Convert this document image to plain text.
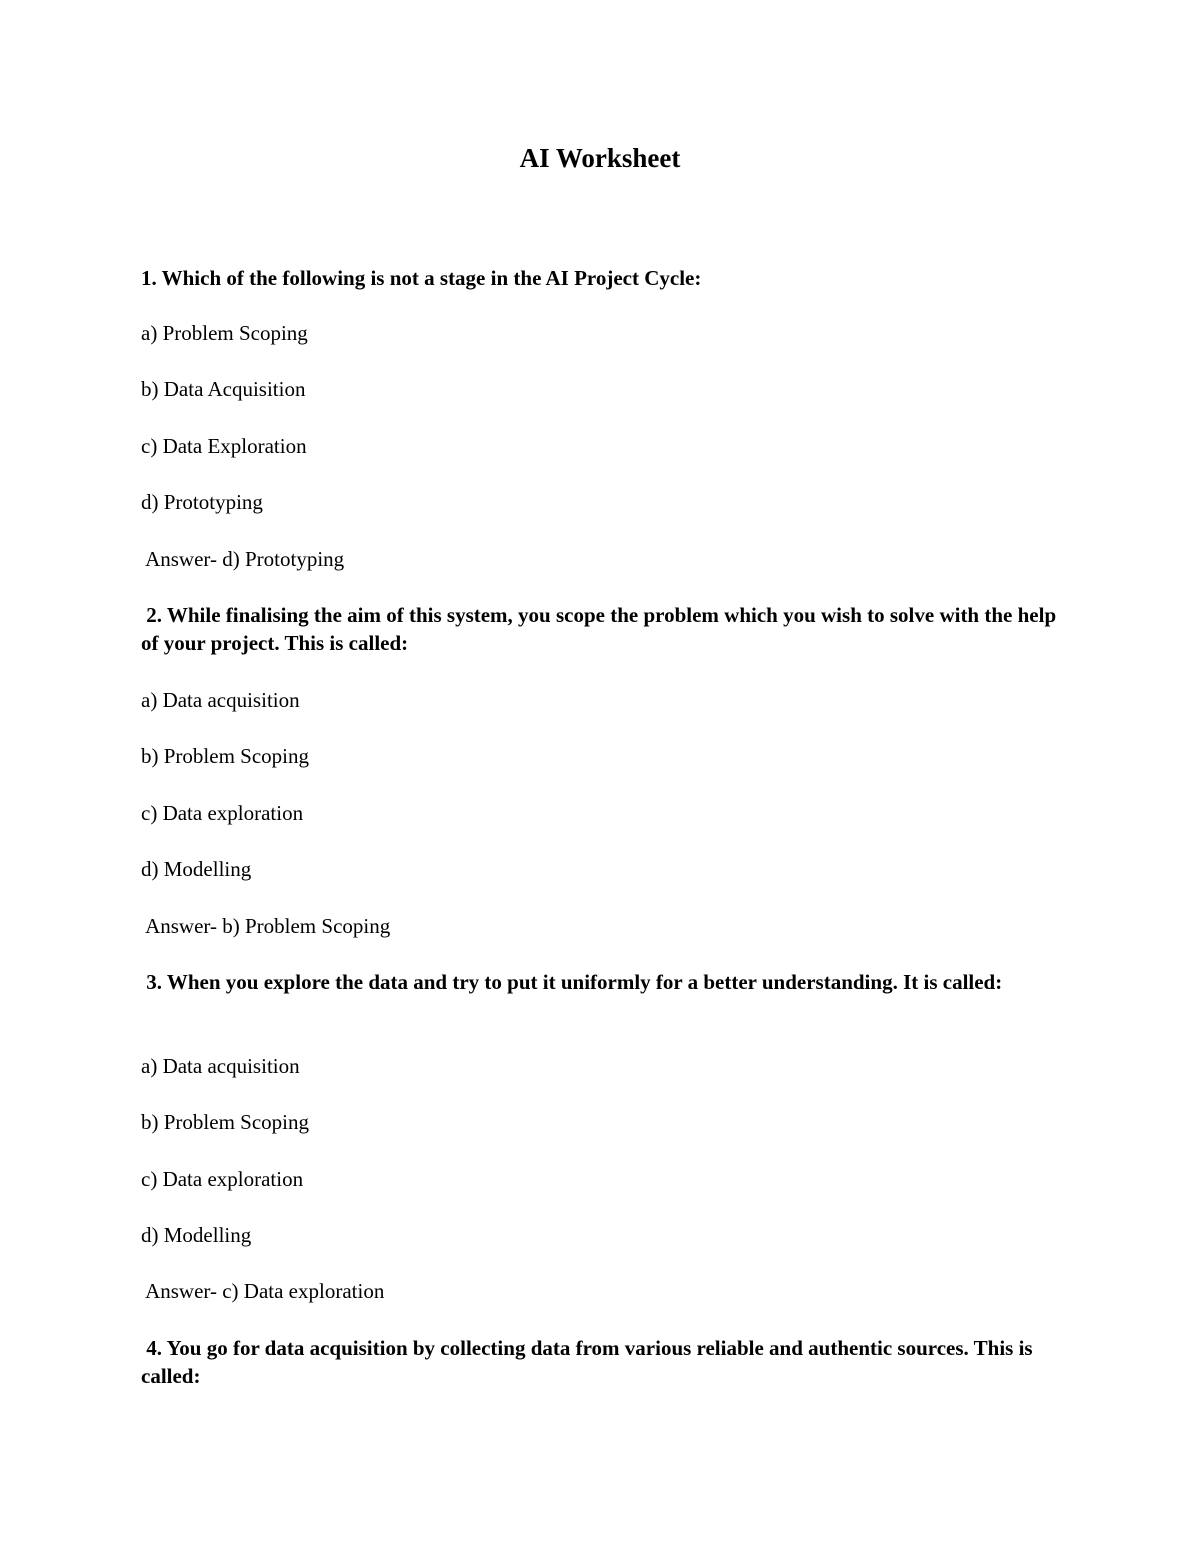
AI Worksheet
1. Which of the following is not a stage in the AI Project Cycle:
a) Problem Scoping
b) Data Acquisition
c) Data Exploration
d) Prototyping
Answer- d) Prototyping
2. While finalising the aim of this system, you scope the problem which you wish to solve with the help of your project. This is called:
a) Data acquisition
b) Problem Scoping
c) Data exploration
d) Modelling
Answer- b) Problem Scoping
3. When you explore the data and try to put it uniformly for a better understanding. It is called:
a) Data acquisition
b) Problem Scoping
c) Data exploration
d) Modelling
Answer- c) Data exploration
4. You go for data acquisition by collecting data from various reliable and authentic sources. This is called:
